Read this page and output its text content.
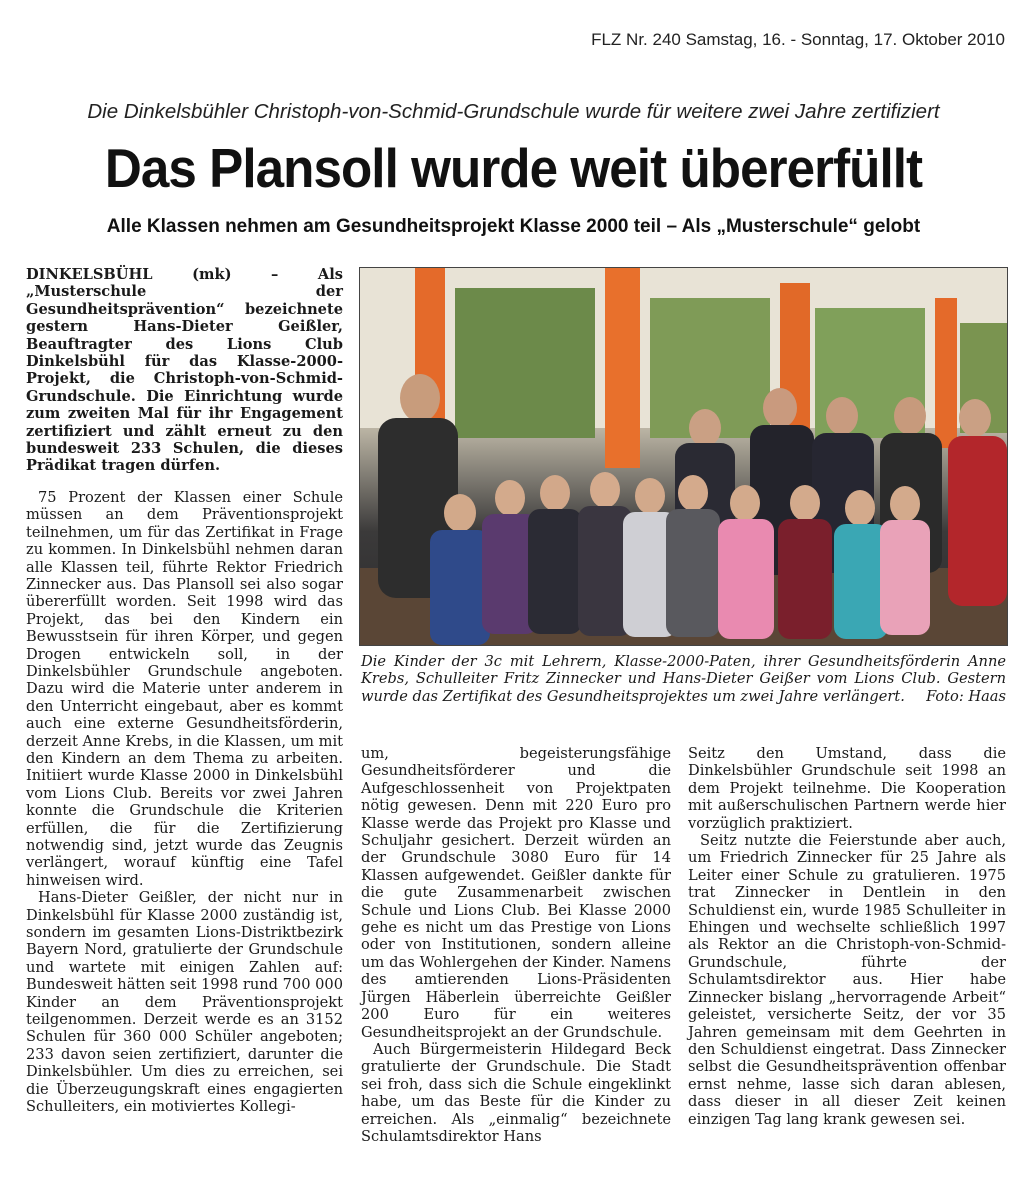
FLZ Nr. 240 Samstag, 16. - Sonntag, 17. Oktober 2010
Die Dinkelsbühler Christoph-von-Schmid-Grundschule wurde für weitere zwei Jahre zertifiziert
Das Plansoll wurde weit übererfüllt
Alle Klassen nehmen am Gesundheitsprojekt Klasse 2000 teil – Als „Musterschule“ gelobt

DINKELSBÜHL (mk) – Als „Musterschule der Gesundheitsprävention“ bezeichnete gestern Hans-Dieter Geißler, Beauftragter des Lions Club Dinkelsbühl für das Klasse-2000-Projekt, die Christoph-von-Schmid-Grundschule. Die Einrichtung wurde zum zweiten Mal für ihr Engagement zertifiziert und zählt erneut zu den bundesweit 233 Schulen, die dieses Prädikat tragen dürfen.

75 Prozent der Klassen einer Schule müssen an dem Präventionsprojekt teilnehmen, um für das Zertifikat in Frage zu kommen. In Dinkelsbühl nehmen daran alle Klassen teil, führte Rektor Friedrich Zinnecker aus. Das Plansoll sei also sogar übererfüllt worden. Seit 1998 wird das Projekt, das bei den Kindern ein Bewusstsein für ihren Körper, und gegen Drogen entwickeln soll, in der Dinkelsbühler Grundschule angeboten. Dazu wird die Materie unter anderem in den Unterricht eingebaut, aber es kommt auch eine externe Gesundheitsförderin, derzeit Anne Krebs, in die Klassen, um mit den Kindern an dem Thema zu arbeiten. Initiiert wurde Klasse 2000 in Dinkelsbühl vom Lions Club. Bereits vor zwei Jahren konnte die Grundschule die Kriterien erfüllen, die für die Zertifizierung notwendig sind, jetzt wurde das Zeugnis verlängert, worauf künftig eine Tafel hinweisen wird.

Hans-Dieter Geißler, der nicht nur in Dinkelsbühl für Klasse 2000 zuständig ist, sondern im gesamten Lions-Distriktbezirk Bayern Nord, gratulierte der Grundschule und wartete mit einigen Zahlen auf: Bundesweit hätten seit 1998 rund 700 000 Kinder an dem Präventionsprojekt teilgenommen. Derzeit werde es an 3152 Schulen für 360 000 Schüler angeboten; 233 davon seien zertifiziert, darunter die Dinkelsbühler. Um dies zu erreichen, sei die Überzeugungskraft eines engagierten Schulleiters, ein motiviertes Kollegi-

Die Kinder der 3c mit Lehrern, Klasse-2000-Paten, ihrer Gesundheitsförderin Anne Krebs, Schulleiter Fritz Zinnecker und Hans-Dieter Geißer vom Lions Club. Gestern wurde das Zertifikat des Gesundheitsprojektes um zwei Jahre verlängert.	Foto: Haas

um, begeisterungsfähige Gesundheitsförderer und die Aufgeschlossenheit von Projektpaten nötig gewesen. Denn mit 220 Euro pro Klasse werde das Projekt pro Klasse und Schuljahr gesichert. Derzeit würden an der Grundschule 3080 Euro für 14 Klassen aufgewendet. Geißler dankte für die gute Zusammenarbeit zwischen Schule und Lions Club. Bei Klasse 2000 gehe es nicht um das Prestige von Lions oder von Institutionen, sondern alleine um das Wohlergehen der Kinder. Namens des amtierenden Lions-Präsidenten Jürgen Häberlein überreichte Geißler 200 Euro für ein weiteres Gesundheitsprojekt an der Grundschule.

Auch Bürgermeisterin Hildegard Beck gratulierte der Grundschule. Die Stadt sei froh, dass sich die Schule eingeklinkt habe, um das Beste für die Kinder zu erreichen. Als „einmalig“ bezeichnete Schulamtsdirektor Hans

Seitz den Umstand, dass die Dinkelsbühler Grundschule seit 1998 an dem Projekt teilnehme. Die Kooperation mit außerschulischen Partnern werde hier vorzüglich praktiziert.

Seitz nutzte die Feierstunde aber auch, um Friedrich Zinnecker für 25 Jahre als Leiter einer Schule zu gratulieren. 1975 trat Zinnecker in Dentlein in den Schuldienst ein, wurde 1985 Schulleiter in Ehingen und wechselte schließlich 1997 als Rektor an die Christoph-von-Schmid-Grundschule, führte der Schulamtsdirektor aus. Hier habe Zinnecker bislang „hervorragende Arbeit“ geleistet, versicherte Seitz, der vor 35 Jahren gemeinsam mit dem Geehrten in den Schuldienst eingetrat. Dass Zinnecker selbst die Gesundheitsprävention offenbar ernst nehme, lasse sich daran ablesen, dass dieser in all dieser Zeit keinen einzigen Tag lang krank gewesen sei.
